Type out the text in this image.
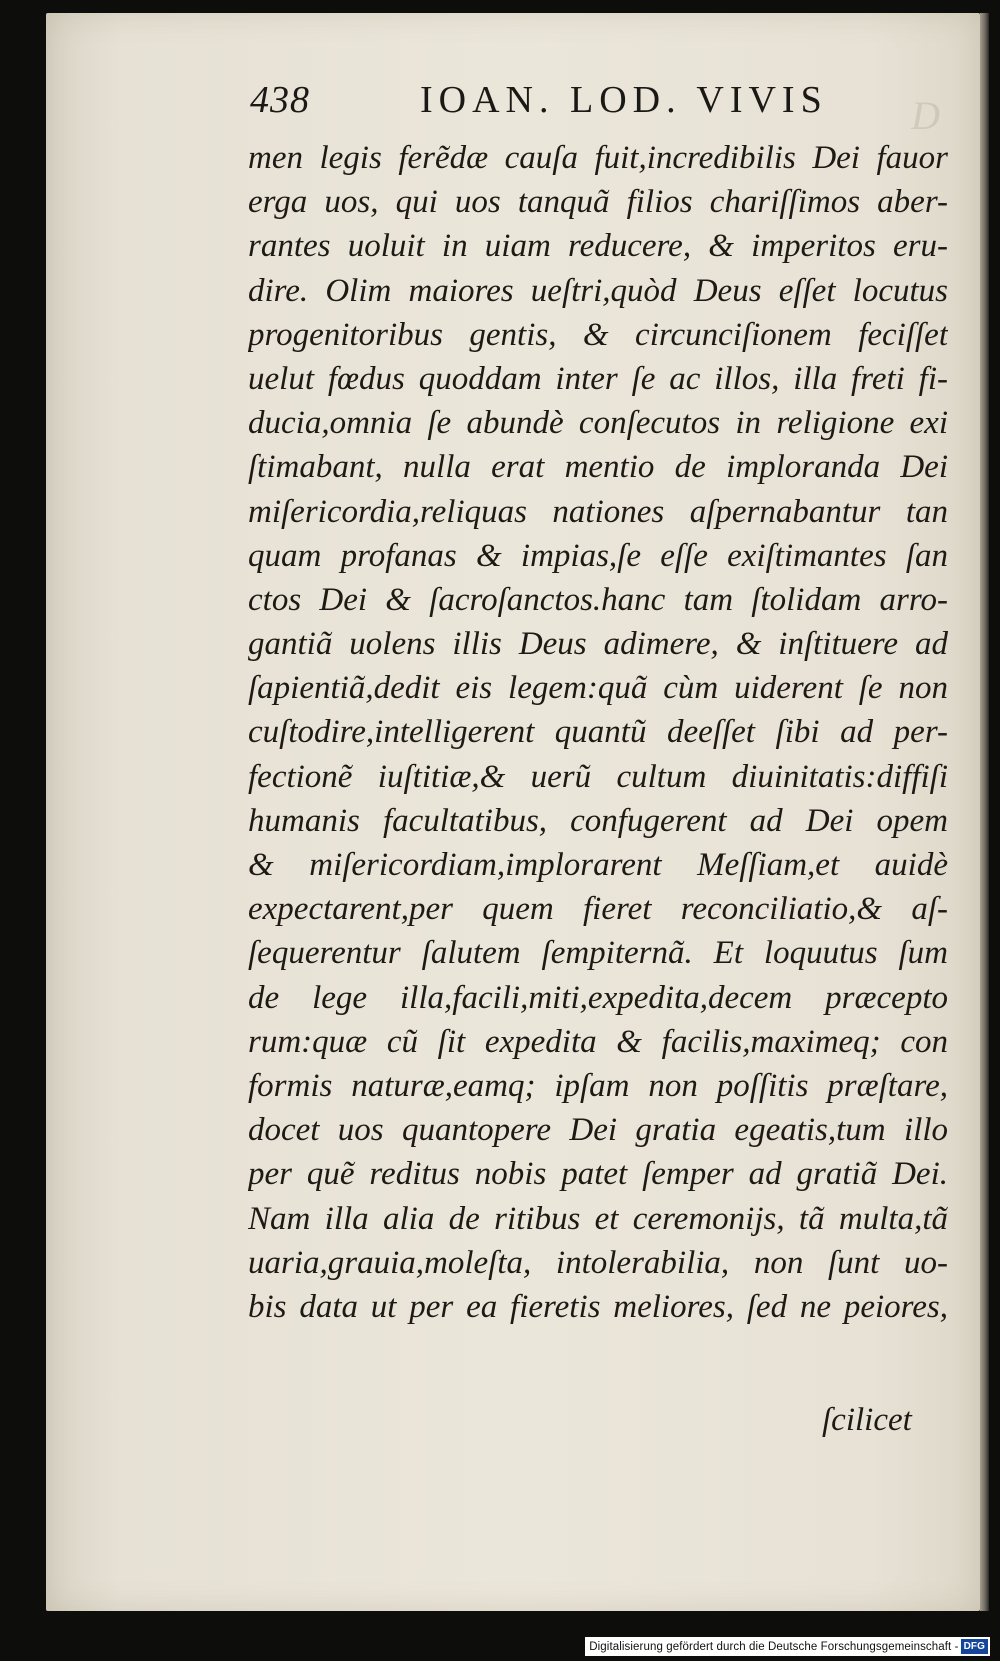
D
438	IOAN. LOD. VIVIS
men legis ferẽdæ cauſa fuit,incredibilis Dei fauor
erga uos, qui uos tanquã filios chariſſimos aber-
rantes uoluit in uiam reducere, & imperitos eru-
dire. Olim maiores ueſtri,quòd Deus eſſet locutus
progenitoribus gentis, & circunciſionem feciſſet
uelut fœdus quoddam inter ſe ac illos, illa freti fi-
ducia,omnia ſe abundè conſecutos in religione exi
ſtimabant, nulla erat mentio de imploranda Dei
miſericordia,reliquas nationes aſpernabantur tan
quam profanas & impias,ſe eſſe exiſtimantes ſan
ctos Dei & ſacroſanctos.hanc tam ſtolidam arro-
gantiã uolens illis Deus adimere, & inſtituere ad
ſapientiã,dedit eis legem:quã cùm uiderent ſe non
cuſtodire,intelligerent quantũ deeſſet ſibi ad per-
fectionẽ iuſtitiæ,& uerũ cultum diuinitatis:diffiſi
humanis facultatibus, confugerent ad Dei opem
& miſericordiam,implorarent Meſſiam,et auidè
expectarent,per quem fieret reconciliatio,& aſ-
ſequerentur ſalutem ſempiternã. Et loquutus ſum
de lege illa,facili,miti,expedita,decem præcepto
rum:quæ cũ ſit expedita & facilis,maximeq; con
formis naturæ,eamq; ipſam non poſſitis præſtare,
docet uos quantopere Dei gratia egeatis,tum illo
per quẽ reditus nobis patet ſemper ad gratiã Dei.
Nam illa alia de ritibus et ceremonijs, tã multa,tã
uaria,grauia,moleſta, intolerabilia, non ſunt uo-
bis data ut per ea fieretis meliores, ſed ne peiores,
ſcilicet
Digitalisierung gefördert durch die Deutsche Forschungsgemeinschaft - DFG
